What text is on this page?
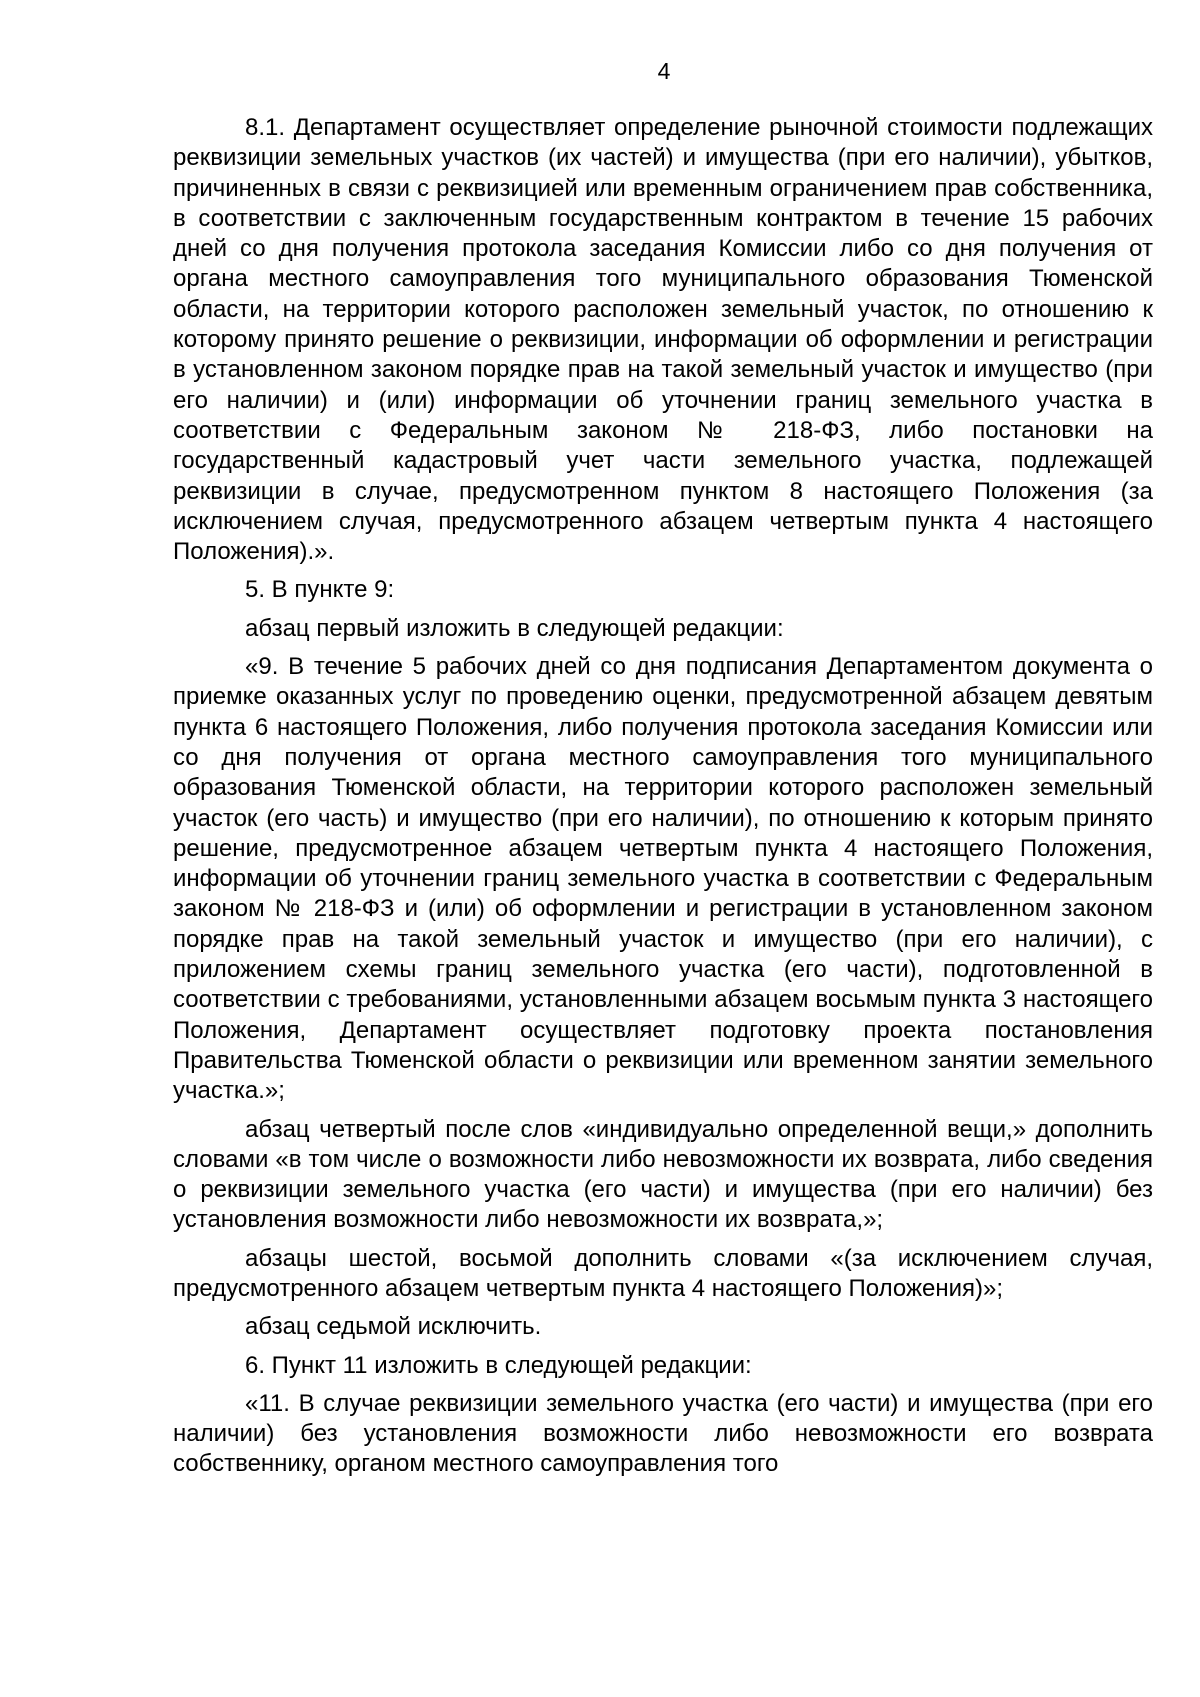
4

8.1. Департамент осуществляет определение рыночной стоимости подлежащих реквизиции земельных участков (их частей) и имущества (при его наличии), убытков, причиненных в связи с реквизицией или временным ограничением прав собственника, в соответствии с заключенным государственным контрактом в течение 15 рабочих дней со дня получения протокола заседания Комиссии либо со дня получения от органа местного самоуправления того муниципального образования Тюменской области, на территории которого расположен земельный участок, по отношению к которому принято решение о реквизиции, информации об оформлении и регистрации в установленном законом порядке прав на такой земельный участок и имущество (при его наличии) и (или) информации об уточнении границ земельного участка в соответствии с Федеральным законом № 218-ФЗ, либо постановки на государственный кадастровый учет части земельного участка, подлежащей реквизиции в случае, предусмотренном пунктом 8 настоящего Положения (за исключением случая, предусмотренного абзацем четвертым пункта 4 настоящего Положения).».

5. В пункте 9:

абзац первый изложить в следующей редакции:

«9. В течение 5 рабочих дней со дня подписания Департаментом документа о приемке оказанных услуг по проведению оценки, предусмотренной абзацем девятым пункта 6 настоящего Положения, либо получения протокола заседания Комиссии или со дня получения от органа местного самоуправления того муниципального образования Тюменской области, на территории которого расположен земельный участок (его часть) и имущество (при его наличии), по отношению к которым принято решение, предусмотренное абзацем четвертым пункта 4 настоящего Положения, информации об уточнении границ земельного участка в соответствии с Федеральным законом № 218-ФЗ и (или) об оформлении и регистрации в установленном законом порядке прав на такой земельный участок и имущество (при его наличии), с приложением схемы границ земельного участка (его части), подготовленной в соответствии с требованиями, установленными абзацем восьмым пункта 3 настоящего Положения, Департамент осуществляет подготовку проекта постановления Правительства Тюменской области о реквизиции или временном занятии земельного участка.»;

абзац четвертый после слов «индивидуально определенной вещи,» дополнить словами «в том числе о возможности либо невозможности их возврата, либо сведения о реквизиции земельного участка (его части) и имущества (при его наличии) без установления возможности либо невозможности их возврата,»;

абзацы шестой, восьмой дополнить словами «(за исключением случая, предусмотренного абзацем четвертым пункта 4 настоящего Положения)»;

абзац седьмой исключить.

6. Пункт 11 изложить в следующей редакции:

«11. В случае реквизиции земельного участка (его части) и имущества (при его наличии) без установления возможности либо невозможности его возврата собственнику, органом местного самоуправления того
